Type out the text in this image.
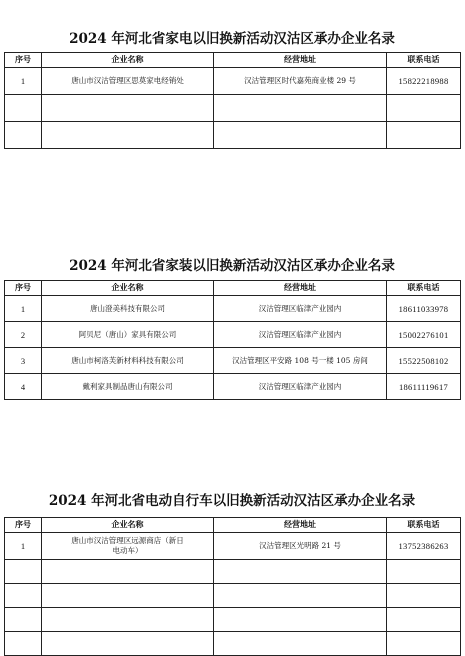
2024 年河北省家电以旧换新活动汉沽区承办企业名录
序号	企业名称	经营地址	联系电话
1	唐山市汉沽管理区思莫家电经销处	汉沽管理区时代嘉苑商业楼 29 号	15822218988

2024 年河北省家装以旧换新活动汉沽区承办企业名录
序号	企业名称	经营地址	联系电话
1	唐山澄美科技有限公司	汉沽管理区临津产业园内	18611033978
2	阿贝尼（唐山）家具有限公司	汉沽管理区临津产业园内	15002276101
3	唐山市柯洛芙新材料科技有限公司	汉沽管理区平安路 108 号一楼 105 房间	15522508102
4	戴利家具制品唐山有限公司	汉沽管理区临津产业园内	18611119617
2024 年河北省电动自行车以旧换新活动汉沽区承办企业名录
序号	企业名称	经营地址	联系电话
1	唐山市汉沽管理区远源商店（新日电动车）	汉沽管理区光明路 21 号	13752386263
